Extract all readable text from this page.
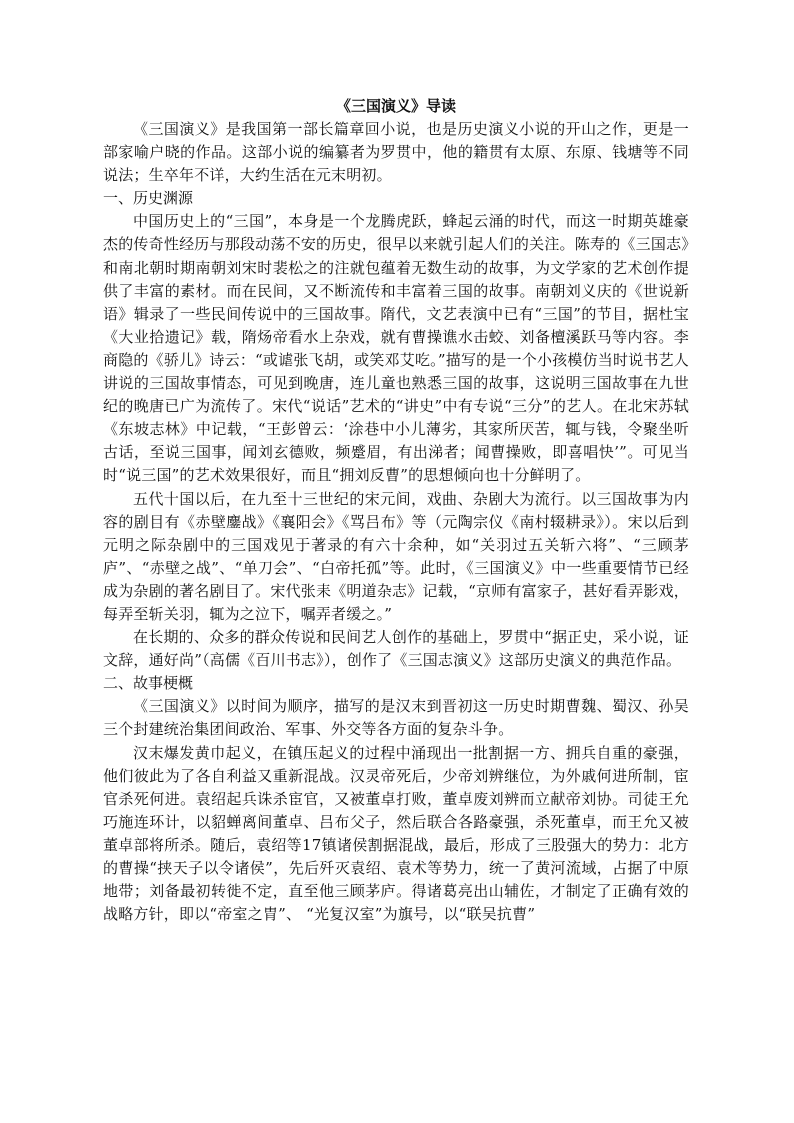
《三国演义》导读

《三国演义》是我国第一部长篇章回小说，也是历史演义小说的开山之作，更是一部家喻户晓的作品。这部小说的编纂者为罗贯中，他的籍贯有太原、东原、钱塘等不同说法；生卒年不详，大约生活在元末明初。

一、历史渊源

中国历史上的“三国”，本身是一个龙腾虎跃，蜂起云涌的时代，而这一时期英雄豪杰的传奇性经历与那段动荡不安的历史，很早以来就引起人们的关注。陈寿的《三国志》和南北朝时期南朝刘宋时裴松之的注就包蕴着无数生动的故事，为文学家的艺术创作提供了丰富的素材。而在民间，又不断流传和丰富着三国的故事。南朝刘义庆的《世说新语》辑录了一些民间传说中的三国故事。隋代，文艺表演中已有“三国”的节目，据杜宝《大业拾遗记》载，隋炀帝看水上杂戏，就有曹操谯水击蛟、刘备檀溪跃马等内容。李商隐的《骄儿》诗云：“或谑张飞胡，或笑邓艾吃。”描写的是一个小孩模仿当时说书艺人讲说的三国故事情态，可见到晚唐，连儿童也熟悉三国的故事，这说明三国故事在九世纪的晚唐已广为流传了。宋代“说话”艺术的“讲史”中有专说“三分”的艺人。在北宋苏轼《东坡志林》中记载，“王彭曾云：‘涂巷中小儿薄劣，其家所厌苦，辄与钱，令聚坐听古话，至说三国事，闻刘玄德败，频蹙眉，有出涕者；闻曹操败，即喜唱快’”。可见当时“说三国”的艺术效果很好，而且“拥刘反曹”的思想倾向也十分鲜明了。

五代十国以后，在九至十三世纪的宋元间，戏曲、杂剧大为流行。以三国故事为内容的剧目有《赤壁鏖战》《襄阳会》《骂吕布》等（元陶宗仪《南村辍耕录》）。宋以后到元明之际杂剧中的三国戏见于著录的有六十余种，如“关羽过五关斩六将”、“三顾茅庐”、“赤壁之战”、“单刀会”、“白帝托孤”等。此时，《三国演义》中一些重要情节已经成为杂剧的著名剧目了。宋代张耒《明道杂志》记载，“京师有富家子，甚好看弄影戏，每弄至斩关羽，辄为之泣下，嘱弄者缓之。”

在长期的、众多的群众传说和民间艺人创作的基础上，罗贯中“据正史，采小说，证文辞，通好尚”（高儒《百川书志》），创作了《三国志演义》这部历史演义的典范作品。

二、故事梗概

《三国演义》以时间为顺序，描写的是汉末到晋初这一历史时期曹魏、蜀汉、孙吴三个封建统治集团间政治、军事、外交等各方面的复杂斗争。

汉末爆发黄巾起义，在镇压起义的过程中涌现出一批割据一方、拥兵自重的豪强，他们彼此为了各自利益又重新混战。汉灵帝死后，少帝刘辨继位，为外戚何进所制，宦官杀死何进。袁绍起兵诛杀宦官，又被董卓打败，董卓废刘辨而立献帝刘协。司徒王允巧施连环计，以貂蝉离间董卓、吕布父子，然后联合各路豪强，杀死董卓，而王允又被董卓部将所杀。随后，袁绍等17镇诸侯割据混战，最后，形成了三股强大的势力：北方的曹操“挟天子以令诸侯”，先后歼灭袁绍、袁术等势力，统一了黄河流域，占据了中原地带；刘备最初转徙不定，直至他三顾茅庐。得诸葛亮出山辅佐，才制定了正确有效的战略方针，即以“帝室之胄”、 “光复汉室”为旗号，以“联吴抗曹”
